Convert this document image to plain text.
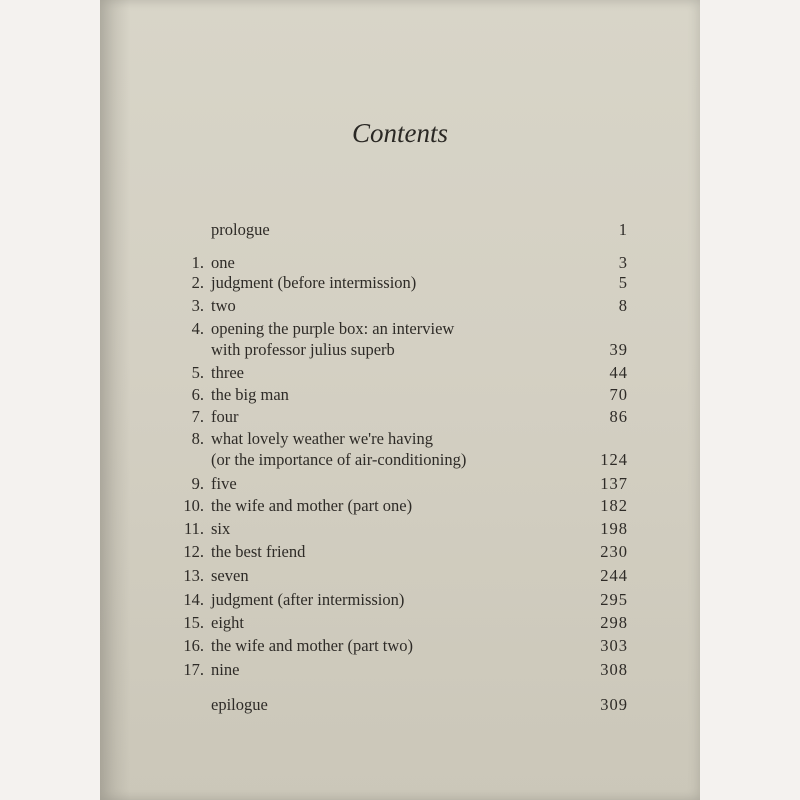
Contents
prologue	1
1. one	3
2. judgment (before intermission)	5
3. two	8
4. opening the purple box: an interview
with professor julius superb	39
5. three	44
6. the big man	70
7. four	86
8. what lovely weather we're having
(or the importance of air-conditioning)	124
9. five	137
10. the wife and mother (part one)	182
11. six	198
12. the best friend	230
13. seven	244
14. judgment (after intermission)	295
15. eight	298
16. the wife and mother (part two)	303
17. nine	308
epilogue	309
